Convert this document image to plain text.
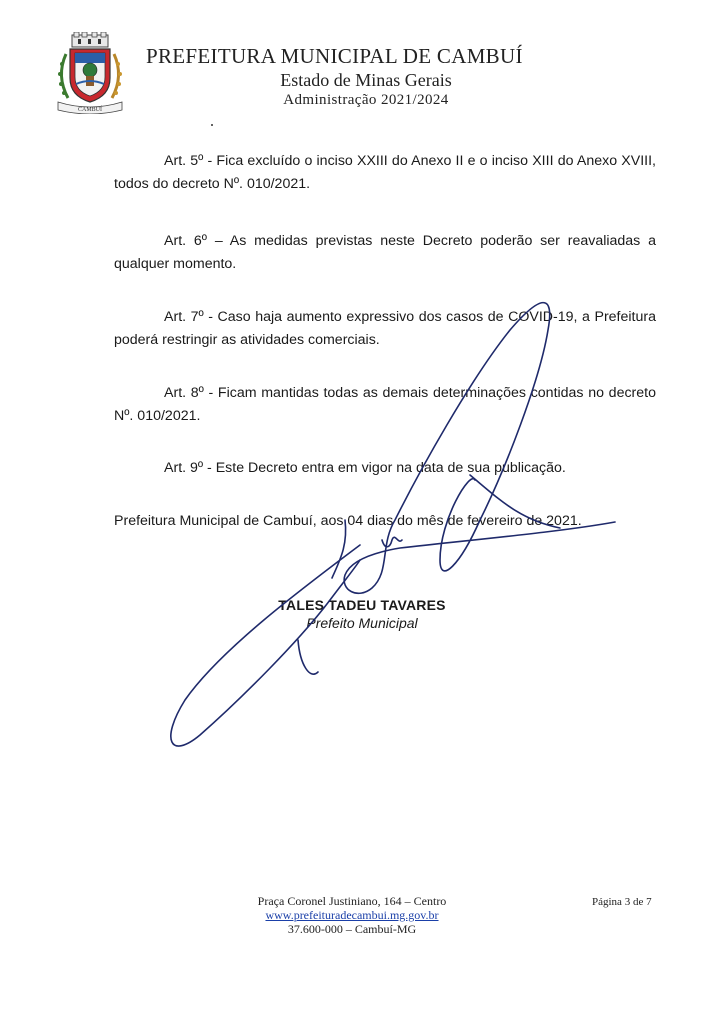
CAMBUÍ
PREFEITURA MUNICIPAL DE CAMBUÍ
Estado de Minas Gerais
Administração 2021/2024
Art. 5º - Fica excluído o inciso XXIII do Anexo II e o inciso XIII do Anexo XVIII, todos do decreto Nº. 010/2021.
Art. 6º – As medidas previstas neste Decreto poderão ser reavaliadas a qualquer momento.
Art. 7º - Caso haja aumento expressivo dos casos de COVID-19, a Prefeitura poderá restringir as atividades comerciais.
Art. 8º - Ficam mantidas todas as demais determinações contidas no decreto Nº. 010/2021.
Art. 9º - Este Decreto entra em vigor na data de sua publicação.
Prefeitura Municipal de Cambuí, aos 04 dias do mês de fevereiro de 2021.
TALES TADEU TAVARES
Prefeito Municipal
Praça Coronel Justiniano, 164 – Centro
www.prefeituradecambui.mg.gov.br
37.600-000 – Cambuí-MG
Página 3 de 7
